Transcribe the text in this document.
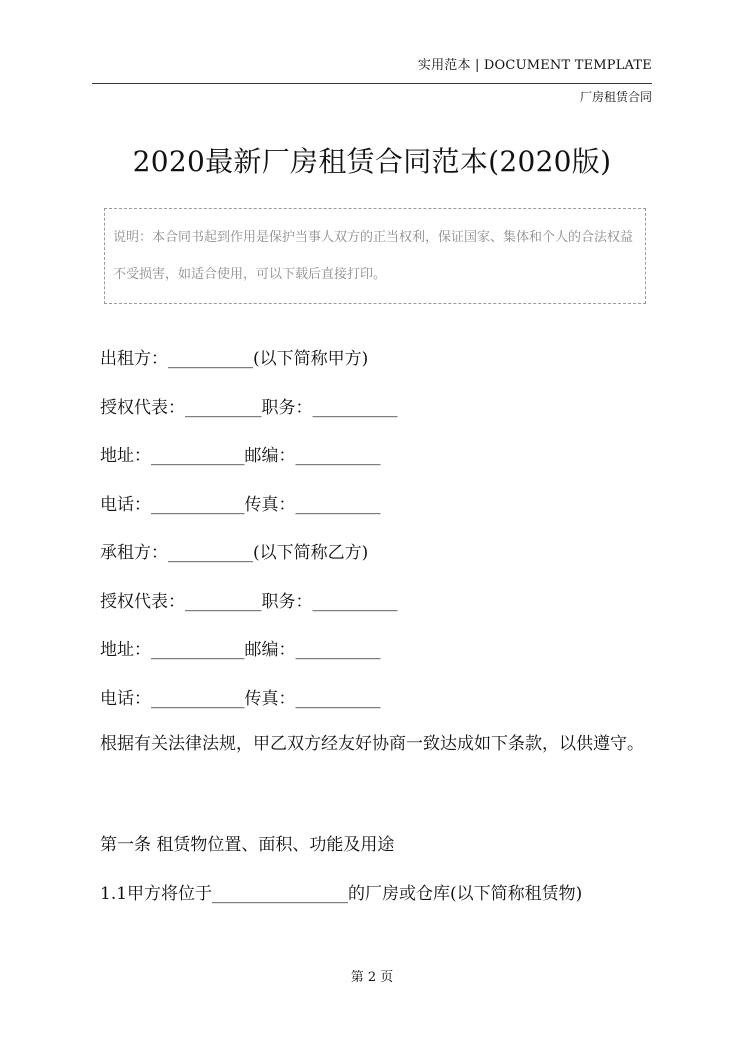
实用范本 | DOCUMENT TEMPLATE
厂房租赁合同
2020最新厂房租赁合同范本(2020版)
说明：本合同书起到作用是保护当事人双方的正当权利，保证国家、集体和个人的合法权益不受损害，如适合使用，可以下载后直接打印。
出租方：__________(以下简称甲方)
授权代表：_________职务：__________
地址：___________邮编：__________
电话：___________传真：__________
承租方：__________(以下简称乙方)
授权代表：_________职务：__________
地址：___________邮编：__________
电话：___________传真：__________
根据有关法律法规，甲乙双方经友好协商一致达成如下条款，以供遵守。
第一条 租赁物位置、面积、功能及用途
1.1甲方将位于________________的厂房或仓库(以下简称租赁物)
第 2 页
